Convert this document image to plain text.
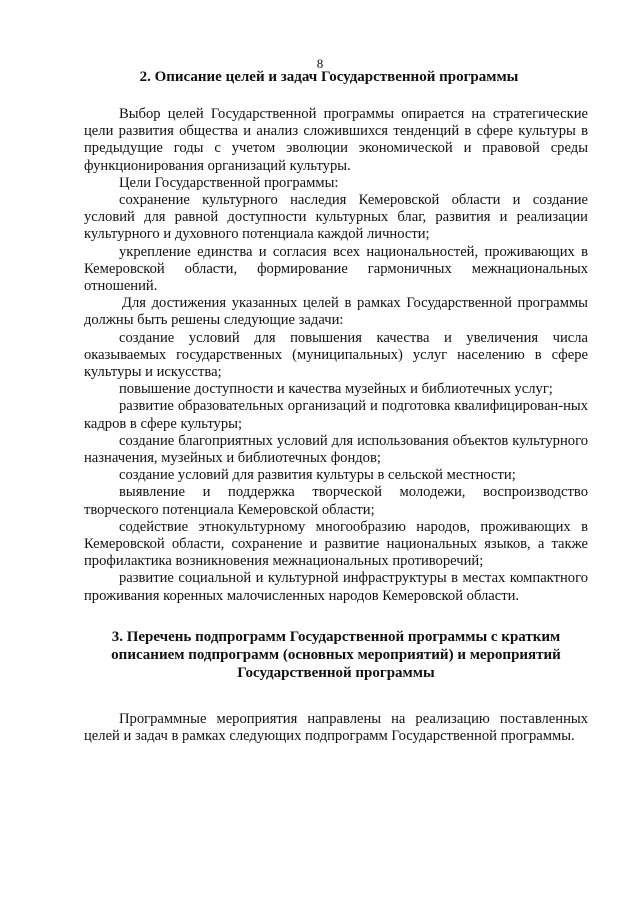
8
2. Описание целей и задач Государственной программы

Выбор целей Государственной программы опирается на стратегические цели развития общества и анализ сложившихся тенденций в сфере культуры в предыдущие годы с учетом эволюции экономической и правовой среды функционирования организаций культуры.

Цели Государственной программы:

сохранение культурного наследия Кемеровской области и создание условий для равной доступности культурных благ, развития и реализации культурного и духовного потенциала каждой личности;

укрепление единства и согласия всех национальностей, проживающих в Кемеровской области, формирование гармоничных межнациональных отношений.

Для достижения указанных целей в рамках Государственной программы должны быть решены следующие задачи:

создание условий для повышения качества и увеличения числа оказываемых государственных (муниципальных) услуг населению в сфере культуры и искусства;

повышение доступности и качества музейных и библиотечных услуг;

развитие образовательных организаций и подготовка квалифицирован-ных кадров в сфере культуры;

создание благоприятных условий для использования объектов культурного назначения, музейных и библиотечных фондов;

создание условий для развития культуры в сельской местности;

выявление и поддержка творческой молодежи, воспроизводство творческого потенциала Кемеровской области;

содействие этнокультурному многообразию народов, проживающих в Кемеровской области, сохранение и развитие национальных языков, а также профилактика возникновения межнациональных противоречий;

развитие социальной и культурной инфраструктуры в местах компактного проживания коренных малочисленных народов Кемеровской области.

3. Перечень подпрограмм Государственной программы с кратким описанием подпрограмм (основных мероприятий) и мероприятий Государственной программы

Программные мероприятия направлены на реализацию поставленных целей и задач в рамках следующих подпрограмм Государственной программы.
